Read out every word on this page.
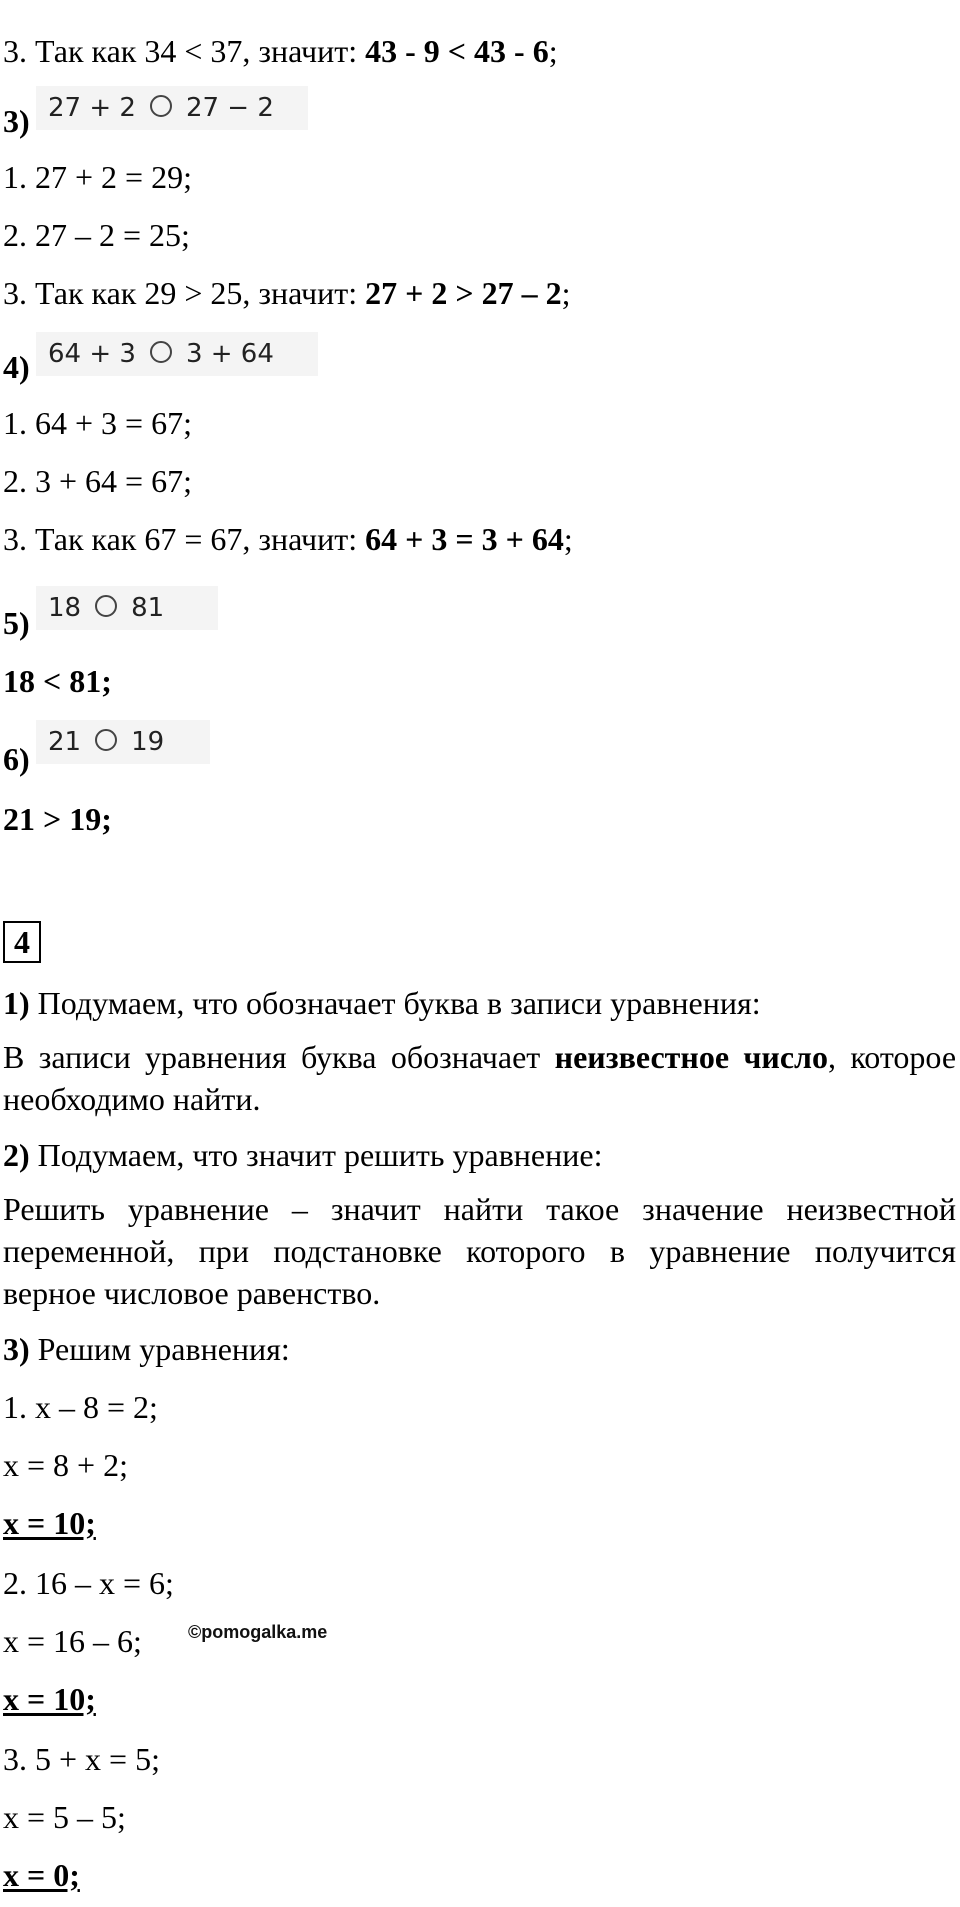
3. Так как 34 < 37, значит: 43 - 9 < 43 - 6;
3) 27 + 2 27 − 2
1. 27 + 2 = 29;
2. 27 – 2 = 25;
3. Так как 29 > 25, значит: 27 + 2 > 27 – 2;
4) 64 + 3 3 + 64
1. 64 + 3 = 67;
2. 3 + 64 = 67;
3. Так как 67 = 67, значит: 64 + 3 = 3 + 64;
5) 18 81
18 < 81;
6) 21 19
21 > 19;
4
1) Подумаем, что обозначает буква в записи уравнения:
В записи уравнения буква обозначает неизвестное число, которое необходимо найти.
2) Подумаем, что значит решить уравнение:
Решить уравнение – значит найти такое значение неизвестной переменной, при подстановке которого в уравнение получится верное числовое равенство.
3) Решим уравнения:
1. x – 8 = 2;
x = 8 + 2;
x = 10;
2. 16 – x = 6;
x = 16 – 6;	©pomogalka.me
x = 10;
3. 5 + x = 5;
x = 5 – 5;
x = 0;
